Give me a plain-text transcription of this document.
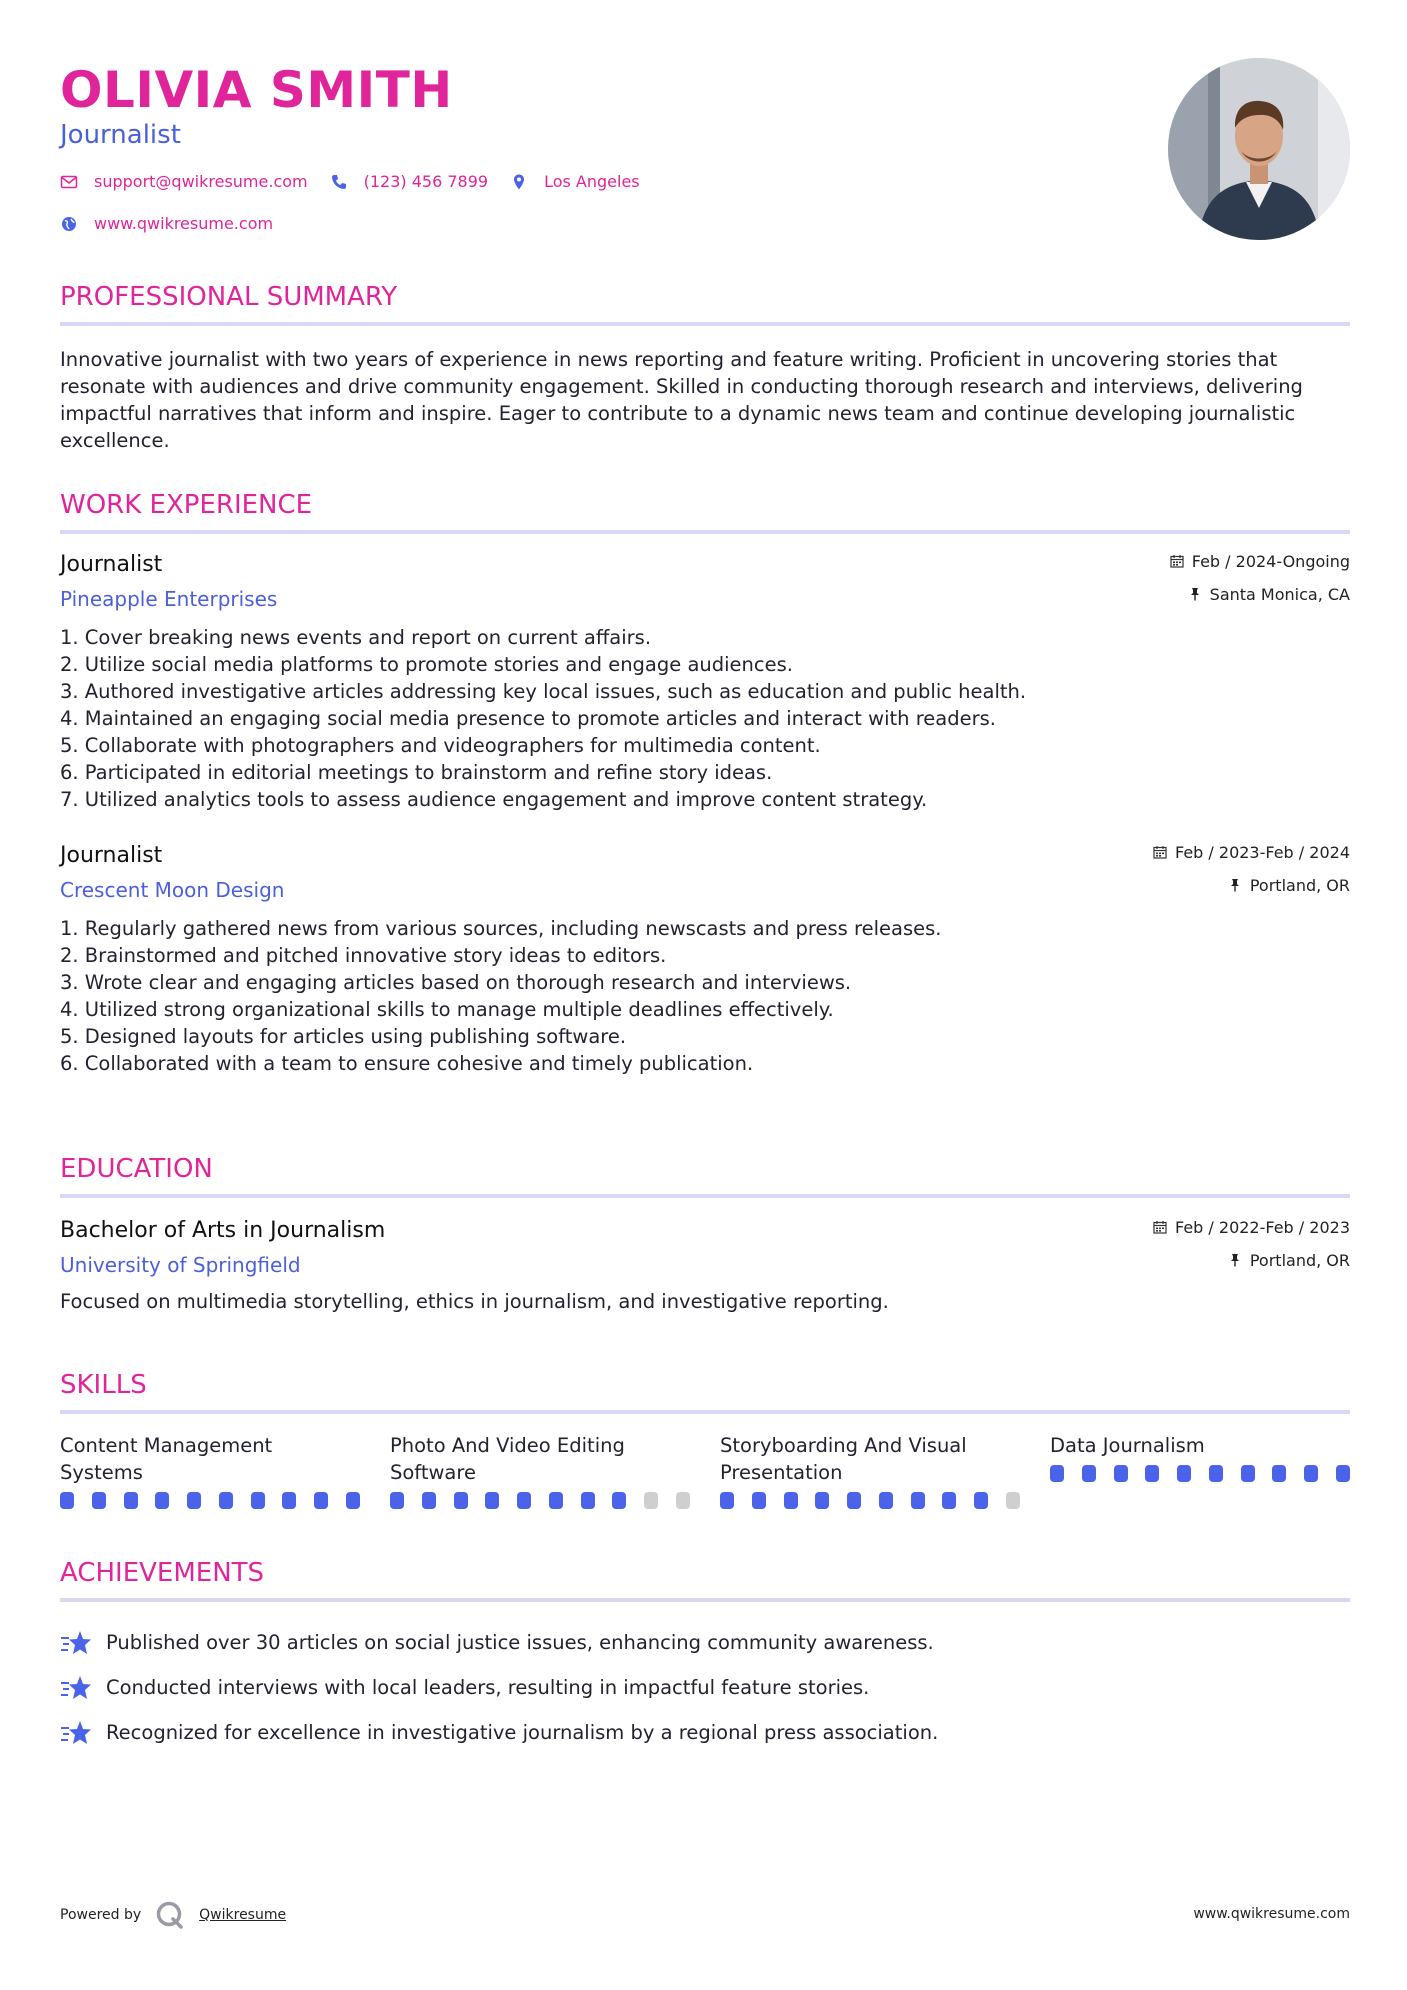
OLIVIA SMITH
Journalist
support@qwikresume.com	(123) 456 7899	Los Angeles
www.qwikresume.com
PROFESSIONAL SUMMARY
Innovative journalist with two years of experience in news reporting and feature writing. Proficient in uncovering stories that resonate with audiences and drive community engagement. Skilled in conducting thorough research and interviews, delivering impactful narratives that inform and inspire. Eager to contribute to a dynamic news team and continue developing journalistic excellence.
WORK EXPERIENCE
Journalist
Pineapple Enterprises
Feb / 2024-Ongoing
Santa Monica, CA
1. Cover breaking news events and report on current affairs.
2. Utilize social media platforms to promote stories and engage audiences.
3. Authored investigative articles addressing key local issues, such as education and public health.
4. Maintained an engaging social media presence to promote articles and interact with readers.
5. Collaborate with photographers and videographers for multimedia content.
6. Participated in editorial meetings to brainstorm and refine story ideas.
7. Utilized analytics tools to assess audience engagement and improve content strategy.
Journalist
Crescent Moon Design
Feb / 2023-Feb / 2024
Portland, OR
1. Regularly gathered news from various sources, including newscasts and press releases.
2. Brainstormed and pitched innovative story ideas to editors.
3. Wrote clear and engaging articles based on thorough research and interviews.
4. Utilized strong organizational skills to manage multiple deadlines effectively.
5. Designed layouts for articles using publishing software.
6. Collaborated with a team to ensure cohesive and timely publication.
EDUCATION
Bachelor of Arts in Journalism
University of Springfield
Feb / 2022-Feb / 2023
Portland, OR
Focused on multimedia storytelling, ethics in journalism, and investigative reporting.
SKILLS
Content Management Systems
Photo And Video Editing Software
Storyboarding And Visual Presentation
Data Journalism
ACHIEVEMENTS
Published over 30 articles on social justice issues, enhancing community awareness.
Conducted interviews with local leaders, resulting in impactful feature stories.
Recognized for excellence in investigative journalism by a regional press association.
Powered by	Qwikresume	www.qwikresume.com
